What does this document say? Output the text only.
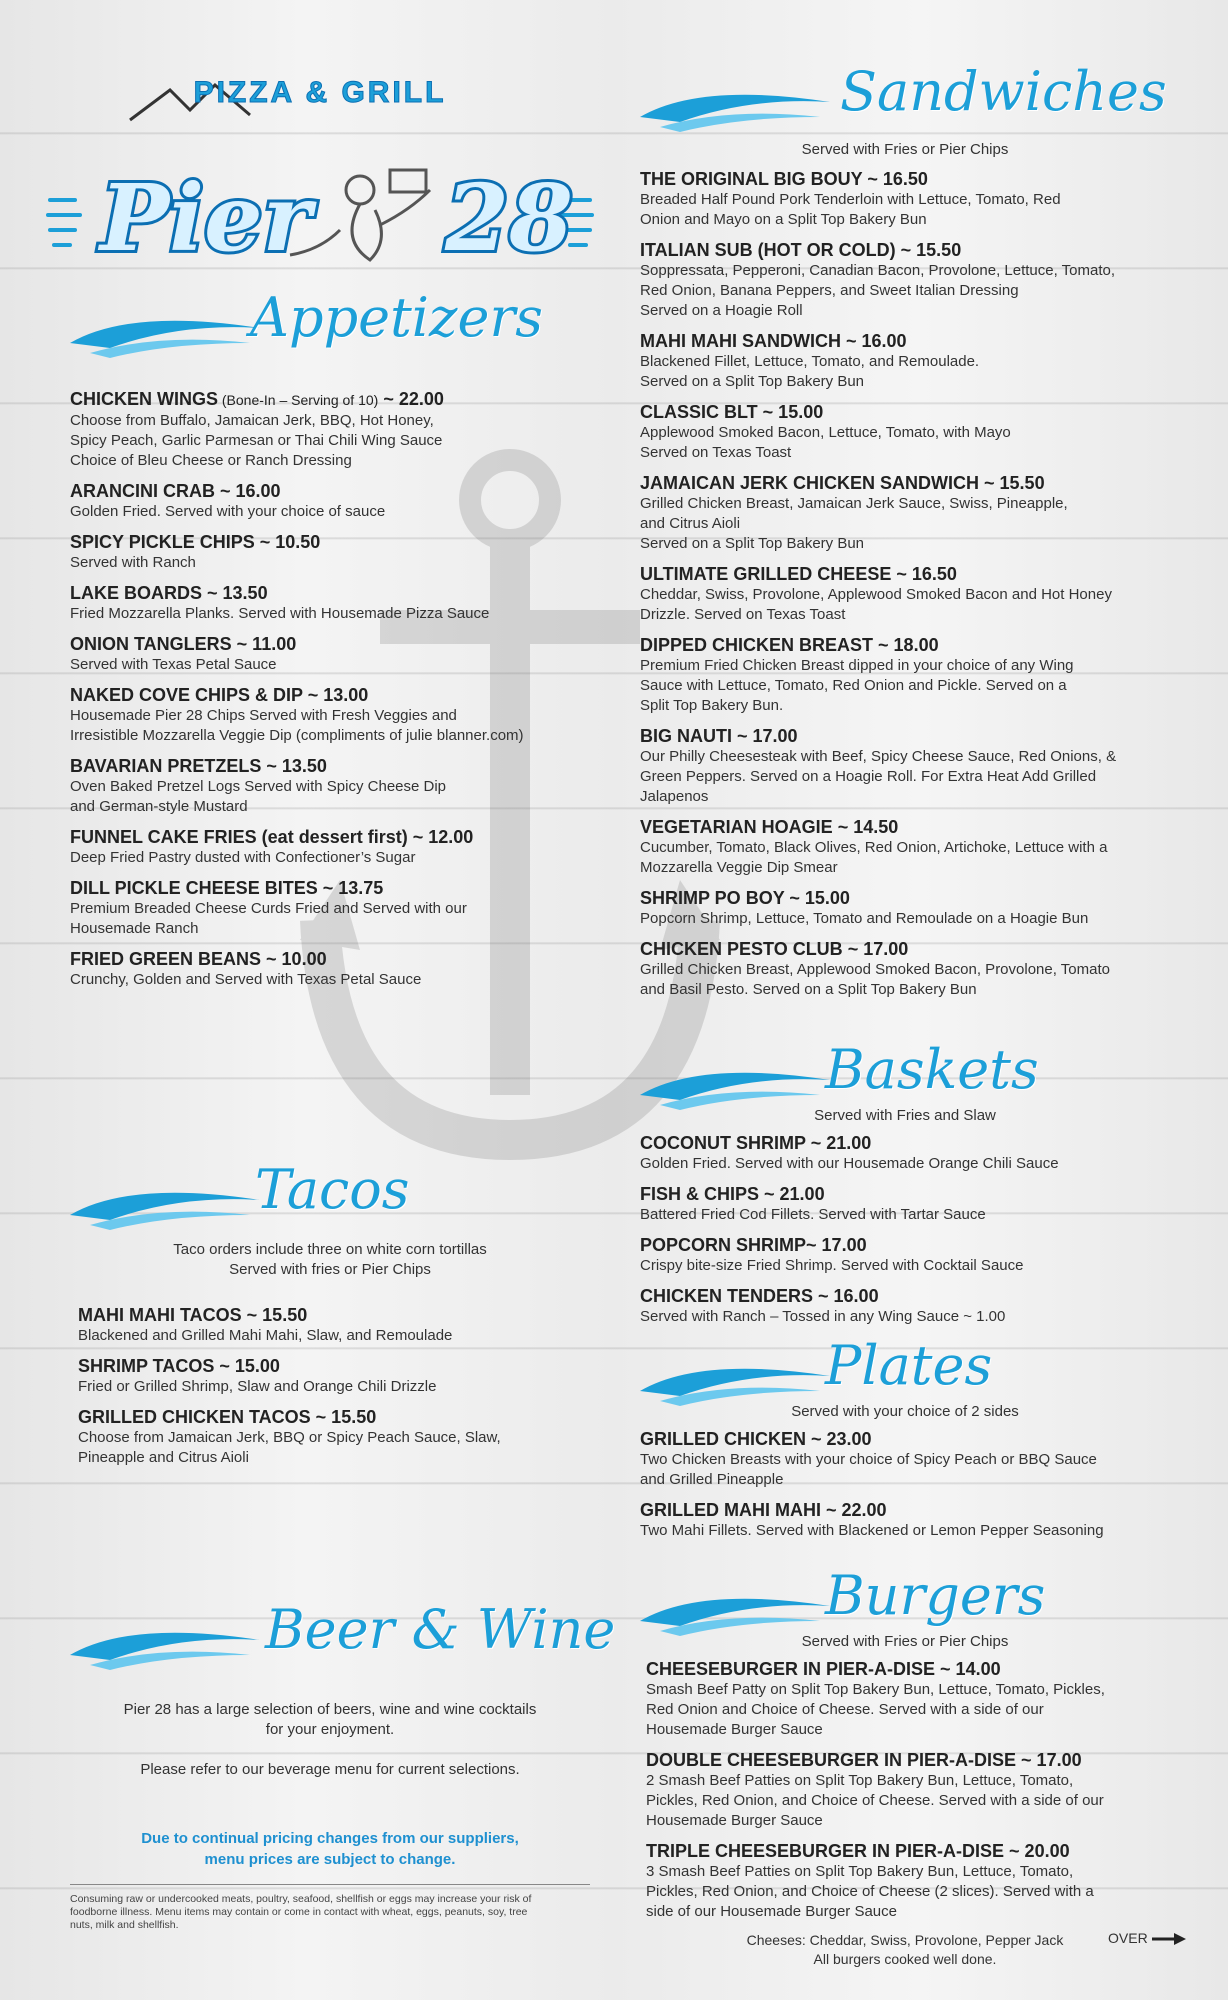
PIZZA & GRILL
Pier 28
Appetizers
CHICKEN WINGS (Bone-In – Serving of 10) ~ 22.00
Choose from Buffalo, Jamaican Jerk, BBQ, Hot Honey,
Spicy Peach, Garlic Parmesan or Thai Chili Wing Sauce
Choice of Bleu Cheese or Ranch Dressing
ARANCINI CRAB ~ 16.00
Golden Fried. Served with your choice of sauce
SPICY PICKLE CHIPS ~ 10.50
Served with Ranch
LAKE BOARDS ~ 13.50
Fried Mozzarella Planks. Served with Housemade Pizza Sauce
ONION TANGLERS ~ 11.00
Served with Texas Petal Sauce
NAKED COVE CHIPS & DIP ~ 13.00
Housemade Pier 28 Chips Served with Fresh Veggies and
Irresistible Mozzarella Veggie Dip (compliments of julie blanner.com)
BAVARIAN PRETZELS ~ 13.50
Oven Baked Pretzel Logs Served with Spicy Cheese Dip
and German-style Mustard
FUNNEL CAKE FRIES (eat dessert first) ~ 12.00
Deep Fried Pastry dusted with Confectioner’s Sugar
DILL PICKLE CHEESE BITES ~ 13.75
Premium Breaded Cheese Curds Fried and Served with our
Housemade Ranch
FRIED GREEN BEANS ~ 10.00
Crunchy, Golden and Served with Texas Petal Sauce
Tacos
Taco orders include three on white corn tortillas
Served with fries or Pier Chips
MAHI MAHI TACOS ~ 15.50
Blackened and Grilled Mahi Mahi, Slaw, and Remoulade
SHRIMP TACOS ~ 15.00
Fried or Grilled Shrimp, Slaw and Orange Chili Drizzle
GRILLED CHICKEN TACOS ~ 15.50
Choose from Jamaican Jerk, BBQ or Spicy Peach Sauce, Slaw,
Pineapple and Citrus Aioli
Beer & Wine
Pier 28 has a large selection of beers, wine and wine cocktails
for your enjoyment.
Please refer to our beverage menu for current selections.
Due to continual pricing changes from our suppliers,
menu prices are subject to change.
Consuming raw or undercooked meats, poultry, seafood, shellfish or eggs may increase your risk of
foodborne illness. Menu items may contain or come in contact with wheat, eggs, peanuts, soy, tree
nuts, milk and shellfish.
Sandwiches
Served with Fries or Pier Chips
THE ORIGINAL BIG BOUY ~ 16.50
Breaded Half Pound Pork Tenderloin with Lettuce, Tomato, Red
Onion and Mayo on a Split Top Bakery Bun
ITALIAN SUB (HOT OR COLD) ~ 15.50
Soppressata, Pepperoni, Canadian Bacon, Provolone, Lettuce, Tomato,
Red Onion, Banana Peppers, and Sweet Italian Dressing
Served on a Hoagie Roll
MAHI MAHI SANDWICH ~ 16.00
Blackened Fillet, Lettuce, Tomato, and Remoulade.
Served on a Split Top Bakery Bun
CLASSIC BLT ~ 15.00
Applewood Smoked Bacon, Lettuce, Tomato, with Mayo
Served on Texas Toast
JAMAICAN JERK CHICKEN SANDWICH ~ 15.50
Grilled Chicken Breast, Jamaican Jerk Sauce, Swiss, Pineapple,
and Citrus Aioli
Served on a Split Top Bakery Bun
ULTIMATE GRILLED CHEESE ~ 16.50
Cheddar, Swiss, Provolone, Applewood Smoked Bacon and Hot Honey
Drizzle. Served on Texas Toast
DIPPED CHICKEN BREAST ~ 18.00
Premium Fried Chicken Breast dipped in your choice of any Wing
Sauce with Lettuce, Tomato, Red Onion and Pickle. Served on a
Split Top Bakery Bun.
BIG NAUTI ~ 17.00
Our Philly Cheesesteak with Beef, Spicy Cheese Sauce, Red Onions, &
Green Peppers. Served on a Hoagie Roll. For Extra Heat Add Grilled
Jalapenos
VEGETARIAN HOAGIE ~ 14.50
Cucumber, Tomato, Black Olives, Red Onion, Artichoke, Lettuce with a
Mozzarella Veggie Dip Smear
SHRIMP PO BOY ~ 15.00
Popcorn Shrimp, Lettuce, Tomato and Remoulade on a Hoagie Bun
CHICKEN PESTO CLUB ~ 17.00
Grilled Chicken Breast, Applewood Smoked Bacon, Provolone, Tomato
and Basil Pesto. Served on a Split Top Bakery Bun
Baskets
Served with Fries and Slaw
COCONUT SHRIMP ~ 21.00
Golden Fried. Served with our Housemade Orange Chili Sauce
FISH & CHIPS ~ 21.00
Battered Fried Cod Fillets. Served with Tartar Sauce
POPCORN SHRIMP~ 17.00
Crispy bite-size Fried Shrimp. Served with Cocktail Sauce
CHICKEN TENDERS ~ 16.00
Served with Ranch – Tossed in any Wing Sauce ~ 1.00
Plates
Served with your choice of 2 sides
GRILLED CHICKEN ~ 23.00
Two Chicken Breasts with your choice of Spicy Peach or BBQ Sauce
and Grilled Pineapple
GRILLED MAHI MAHI ~ 22.00
Two Mahi Fillets. Served with Blackened or Lemon Pepper Seasoning
Burgers
Served with Fries or Pier Chips
CHEESEBURGER IN PIER-A-DISE ~ 14.00
Smash Beef Patty on Split Top Bakery Bun, Lettuce, Tomato, Pickles,
Red Onion and Choice of Cheese. Served with a side of our
Housemade Burger Sauce
DOUBLE CHEESEBURGER IN PIER-A-DISE ~ 17.00
2 Smash Beef Patties on Split Top Bakery Bun, Lettuce, Tomato,
Pickles, Red Onion, and Choice of Cheese. Served with a side of our
Housemade Burger Sauce
TRIPLE CHEESEBURGER IN PIER-A-DISE ~ 20.00
3 Smash Beef Patties on Split Top Bakery Bun, Lettuce, Tomato,
Pickles, Red Onion, and Choice of Cheese (2 slices). Served with a
side of our Housemade Burger Sauce
Cheeses: Cheddar, Swiss, Provolone, Pepper Jack
All burgers cooked well done.
OVER
